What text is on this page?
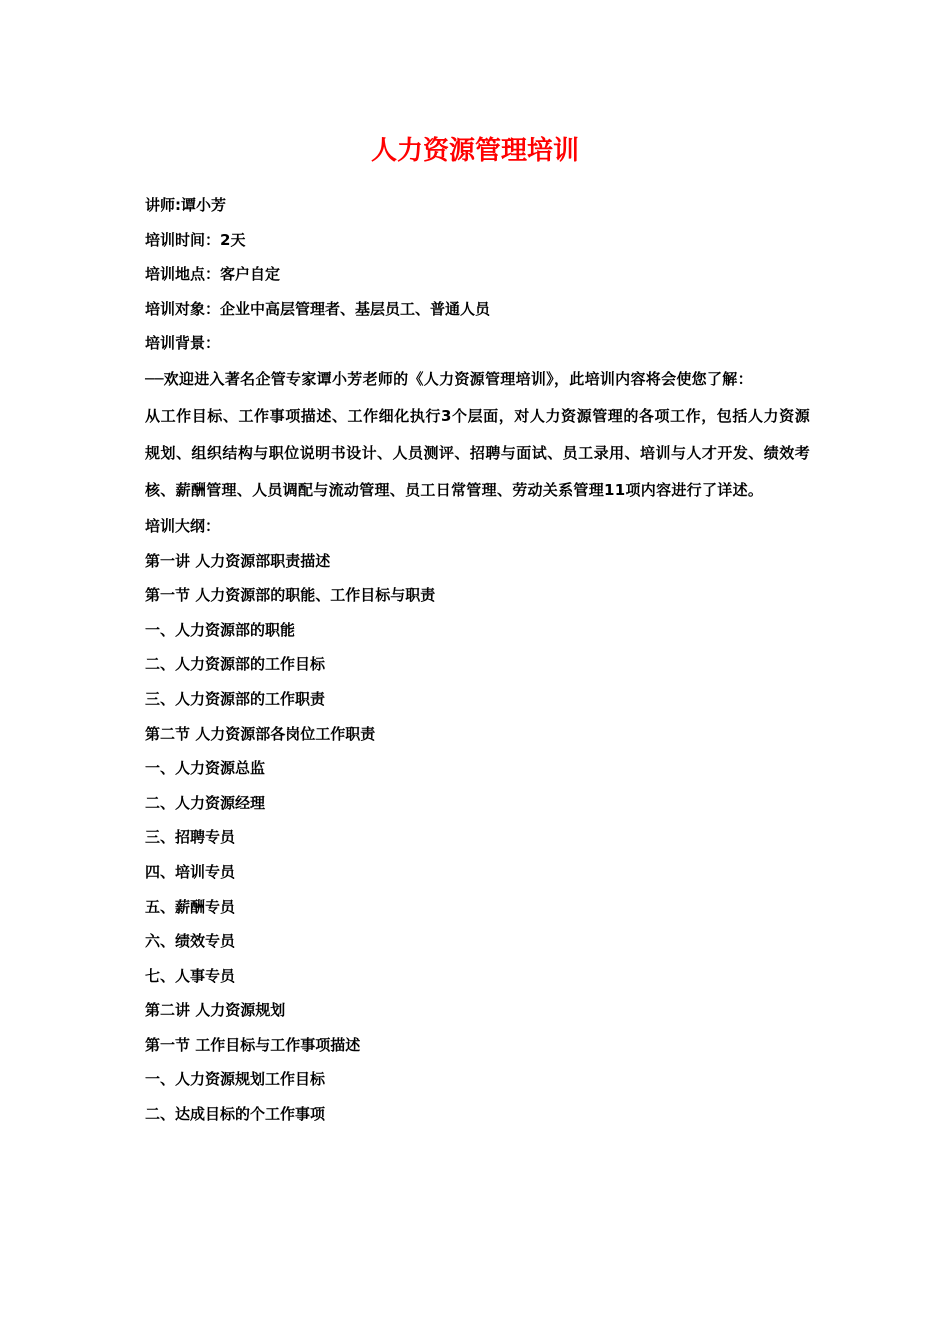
人力资源管理培训
讲师:谭小芳
培训时间：2天
培训地点：客户自定
培训对象：企业中高层管理者、基层员工、普通人员
培训背景：
──欢迎进入著名企管专家谭小芳老师的《人力资源管理培训》，此培训内容将会使您了解：
从工作目标、工作事项描述、工作细化执行3个层面，对人力资源管理的各项工作，包括人力资源规划、组织结构与职位说明书设计、人员测评、招聘与面试、员工录用、培训与人才开发、绩效考核、薪酬管理、人员调配与流动管理、员工日常管理、劳动关系管理11项内容进行了详述。
培训大纲：
第一讲 人力资源部职责描述
第一节 人力资源部的职能、工作目标与职责
一、人力资源部的职能
二、人力资源部的工作目标
三、人力资源部的工作职责
第二节 人力资源部各岗位工作职责
一、人力资源总监
二、人力资源经理
三、招聘专员
四、培训专员
五、薪酬专员
六、绩效专员
七、人事专员
第二讲 人力资源规划
第一节 工作目标与工作事项描述
一、人力资源规划工作目标
二、达成目标的个工作事项
